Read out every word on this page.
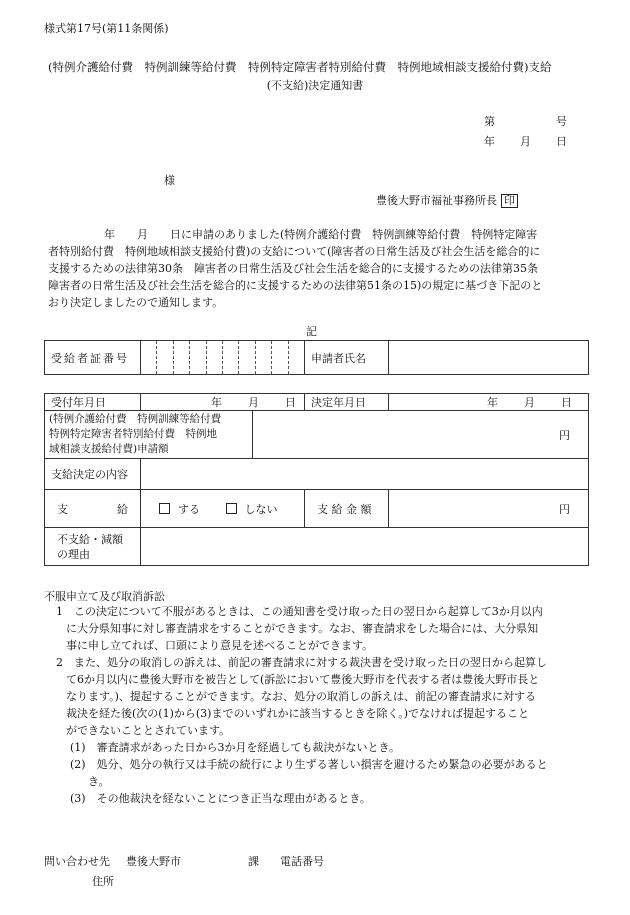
様式第17号(第11条関係)
(特例介護給付費　特例訓練等給付費　特例特定障害者特別給付費　特例地域相談支援給付費)支給
(不支給)決定通知書
第	号
年 月 日
様
豊後大野市福祉事務所長 印
年　　月　　日に申請のありました(特例介護給付費　特例訓練等給付費　特例特定障害
者特別給付費　特例地域相談支援給付費)の支給について(障害者の日常生活及び社会生活を総合的に
支援するための法律第30条　障害者の日常生活及び社会生活を総合的に支援するための法律第35条
障害者の日常生活及び社会生活を総合的に支援するための法律第51条の15)の規定に基づき下記のと
おり決定しましたので通知します。
記
受給者証番号		申請者氏名	
受付年月日	年 月 日		決定年月日	年 月 日

(特例介護給付費　特例訓練等給付費
特例特定障害者特別給付費　特例地
域相談支援給付費)申請額		円		
支給決定の内容				

支 給	する しない		支 給 金 額	円

不支給・減額
の理由				

不服申立て及び取消訴訟
1　この決定について不服があるときは、この通知書を受け取った日の翌日から起算して3か月以内
に大分県知事に対し審査請求をすることができます。なお、審査請求をした場合には、大分県知
事に申し立てれば、口頭により意見を述べることができます。
2　また、処分の取消しの訴えは、前記の審査請求に対する裁決書を受け取った日の翌日から起算し
て6か月以内に豊後大野市を被告として(訴訟において豊後大野市を代表する者は豊後大野市長と
なります。)、提起することができます。なお、処分の取消しの訴えは、前記の審査請求に対する
裁決を経た後(次の(1)から(3)までのいずれかに該当するときを除く。)でなければ提起すること
ができないこととされています。
(1)　審査請求があった日から3か月を経過しても裁決がないとき。
(2)　処分、処分の執行又は手続の続行により生ずる著しい損害を避けるため緊急の必要があると
き。
(3)　その他裁決を経ないことにつき正当な理由があるとき。
問い合わせ先 豊後大野市	課 電話番号
住所
